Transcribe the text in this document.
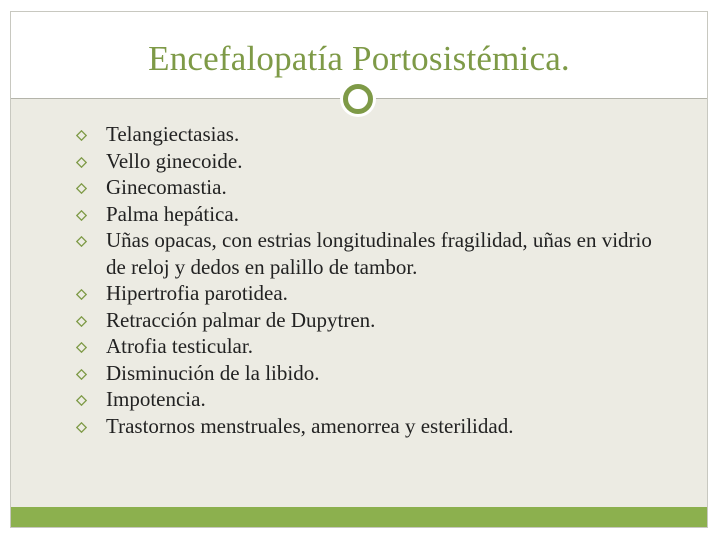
Encefalopatía Portosistémica.
Telangiectasias.
Vello ginecoide.
Ginecomastia.
Palma hepática.
Uñas opacas, con estrias longitudinales fragilidad, uñas en vidrio de reloj y dedos en palillo de tambor.
Hipertrofia parotidea.
Retracción palmar de Dupytren.
Atrofia testicular.
Disminución de la libido.
Impotencia.
Trastornos menstruales, amenorrea y esterilidad.
